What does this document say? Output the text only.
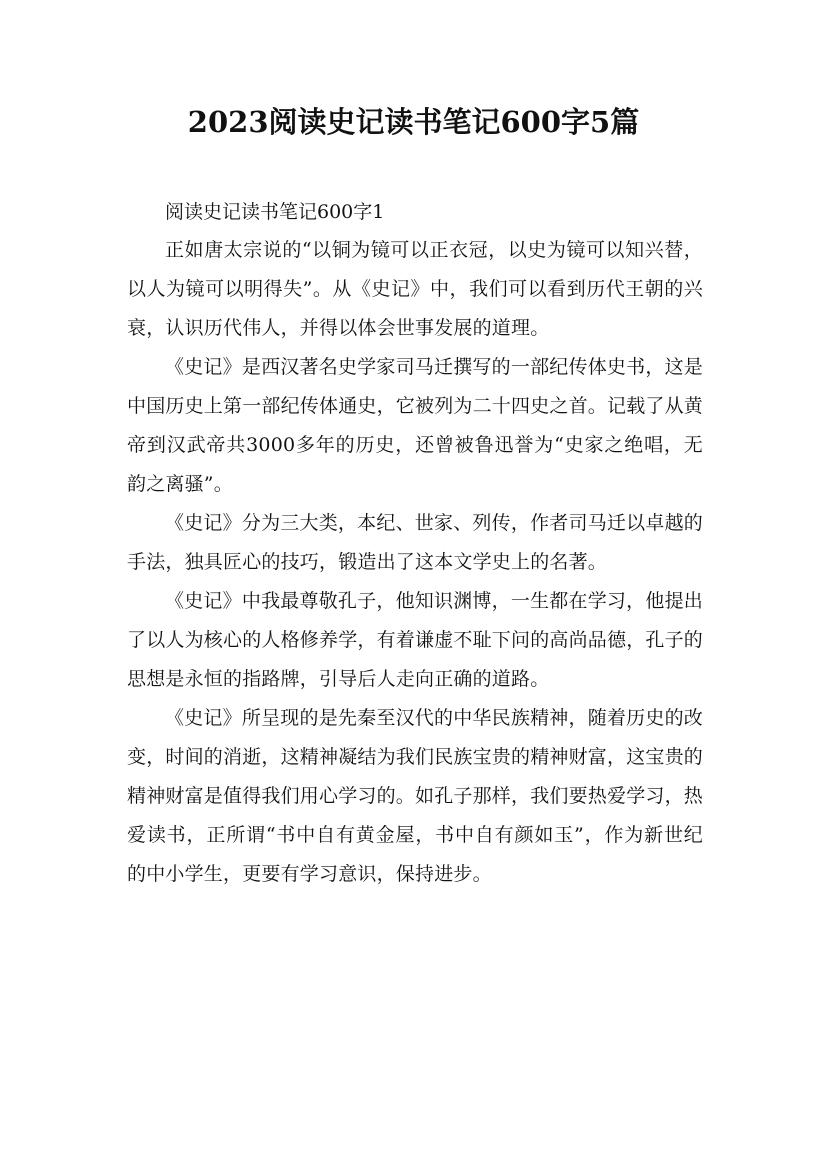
2023阅读史记读书笔记600字5篇

阅读史记读书笔记600字1

正如唐太宗说的“以铜为镜可以正衣冠，以史为镜可以知兴替，以人为镜可以明得失”。从《史记》中，我们可以看到历代王朝的兴衰，认识历代伟人，并得以体会世事发展的道理。

《史记》是西汉著名史学家司马迁撰写的一部纪传体史书，这是中国历史上第一部纪传体通史，它被列为二十四史之首。记载了从黄帝到汉武帝共3000多年的历史，还曾被鲁迅誉为“史家之绝唱，无韵之离骚”。

《史记》分为三大类，本纪、世家、列传，作者司马迁以卓越的手法，独具匠心的技巧，锻造出了这本文学史上的名著。

《史记》中我最尊敬孔子，他知识渊博，一生都在学习，他提出了以人为核心的人格修养学，有着谦虚不耻下问的高尚品德，孔子的思想是永恒的指路牌，引导后人走向正确的道路。

《史记》所呈现的是先秦至汉代的中华民族精神，随着历史的改变，时间的消逝，这精神凝结为我们民族宝贵的精神财富，这宝贵的精神财富是值得我们用心学习的。如孔子那样，我们要热爱学习，热爱读书，正所谓“书中自有黄金屋，书中自有颜如玉”，作为新世纪的中小学生，更要有学习意识，保持进步。
